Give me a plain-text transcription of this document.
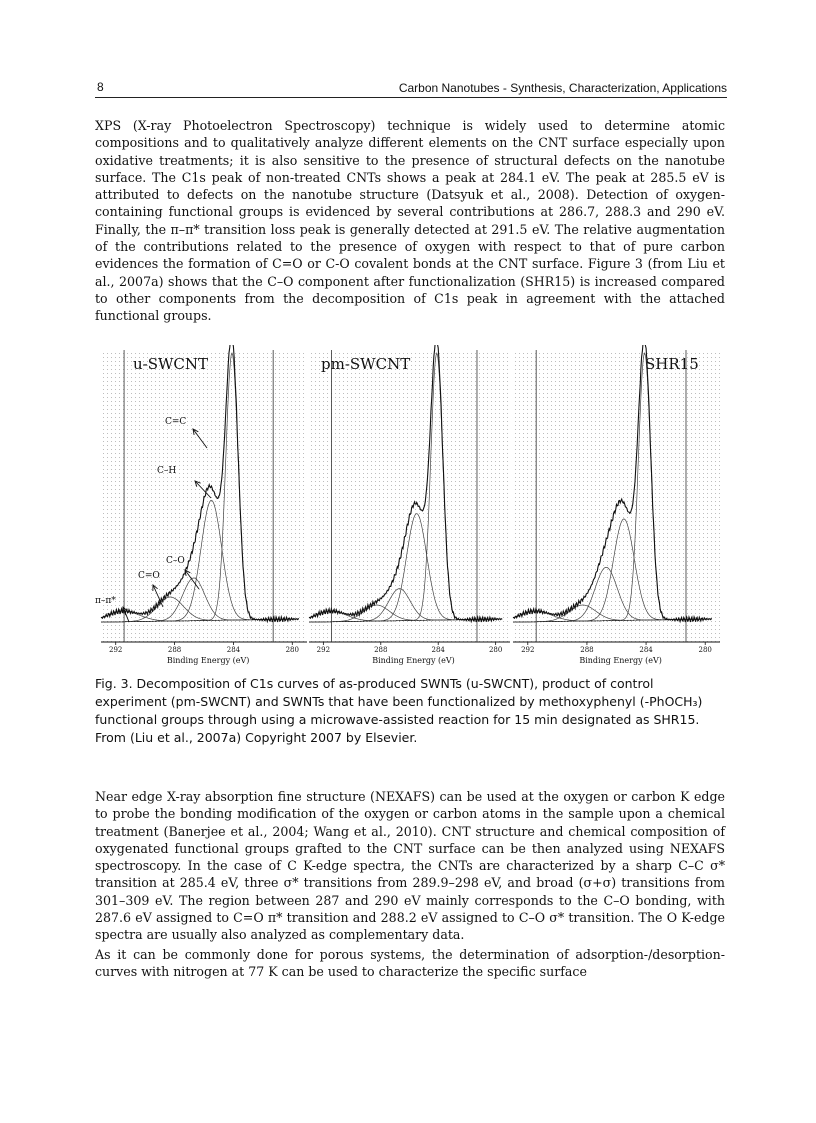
8	Carbon Nanotubes - Synthesis, Characterization, Applications

XPS (X-ray Photoelectron Spectroscopy) technique is widely used to determine atomic compositions and to qualitatively analyze different elements on the CNT surface especially upon oxidative treatments; it is also sensitive to the presence of structural defects on the nanotube surface. The C1s peak of non-treated CNTs shows a peak at 284.1 eV. The peak at 285.5 eV is attributed to defects on the nanotube structure (Datsyuk et al., 2008). Detection of oxygen-containing functional groups is evidenced by several contributions at 286.7, 288.3 and 290 eV. Finally, the π–π* transition loss peak is generally detected at 291.5 eV. The relative augmentation of the contributions related to the presence of oxygen with respect to that of pure carbon evidences the formation of C=O or C-O covalent bonds at the CNT surface. Figure 3 (from Liu et al., 2007a) shows that the C–O component after functionalization (SHR15) is increased compared to other components from the decomposition of C1s peak in agreement with the attached functional groups.

292	288	284	280
Binding Energy (eV)
u-SWCNT
C=C
C–H
C–O
C=O
π–π*
292	288	284	280
Binding Energy (eV)
pm-SWCNT
292	288	284	280
Binding Energy (eV)
SHR15

Fig. 3. Decomposition of C1s curves of as-produced SWNTs (u-SWCNT), product of control experiment (pm-SWCNT) and SWNTs that have been functionalized by methoxyphenyl (-PhOCH₃) functional groups through using a microwave-assisted reaction for 15 min designated as SHR15. From (Liu et al., 2007a) Copyright 2007 by Elsevier.

Near edge X-ray absorption fine structure (NEXAFS) can be used at the oxygen or carbon K edge to probe the bonding modification of the oxygen or carbon atoms in the sample upon a chemical treatment (Banerjee et al., 2004; Wang et al., 2010). CNT structure and chemical composition of oxygenated functional groups grafted to the CNT surface can be then analyzed using NEXAFS spectroscopy. In the case of C K-edge spectra, the CNTs are characterized by a sharp C–C σ* transition at 285.4 eV, three σ* transitions from 289.9–298 eV, and broad (σ+σ) transitions from 301–309 eV. The region between 287 and 290 eV mainly corresponds to the C–O bonding, with 287.6 eV assigned to C=O π* transition and 288.2 eV assigned to C–O σ* transition. The O K-edge spectra are usually also analyzed as complementary data.

As it can be commonly done for porous systems, the determination of adsorption-/desorption-curves with nitrogen at 77 K can be used to characterize the specific surface
